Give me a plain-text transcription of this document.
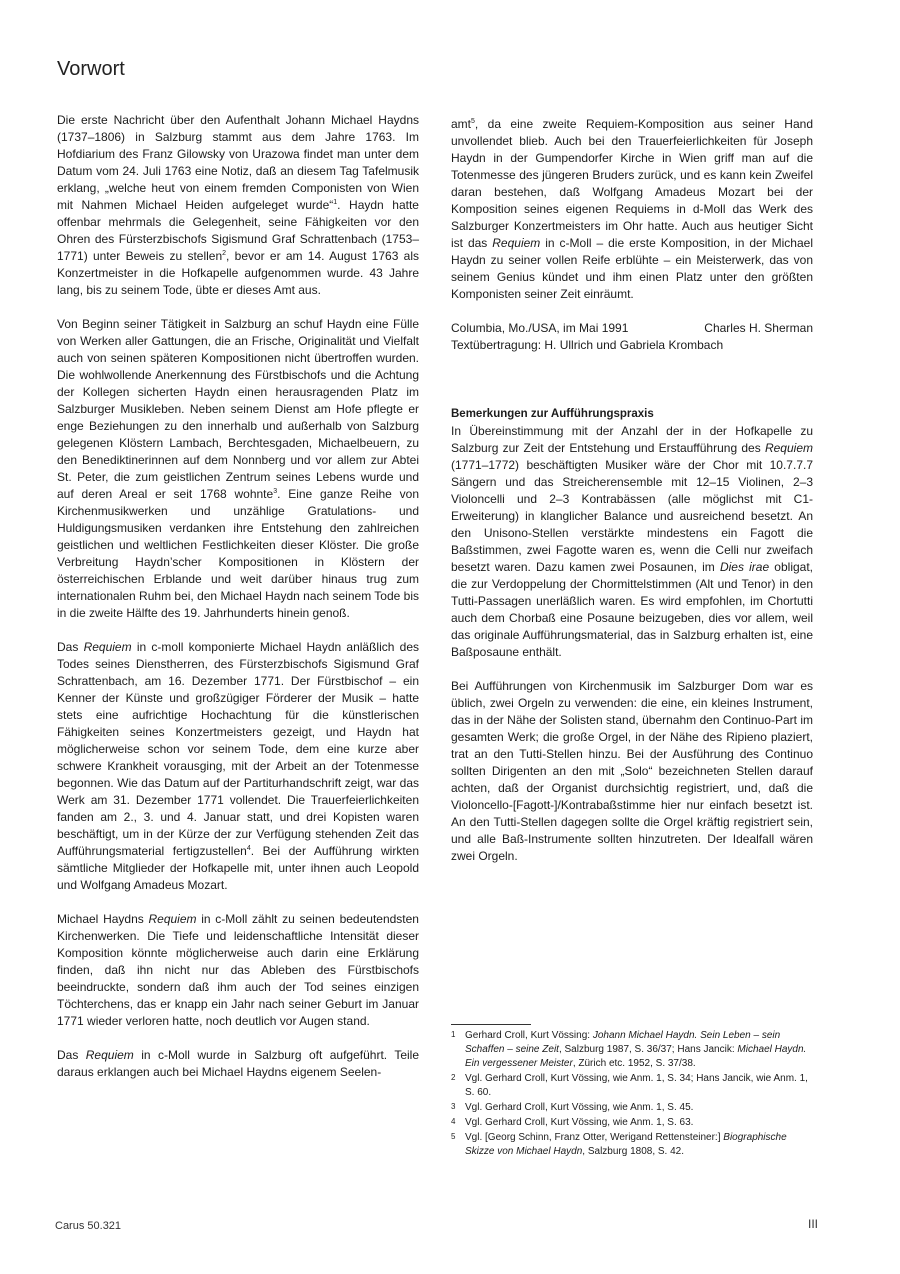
Vorwort

Die erste Nachricht über den Aufenthalt Johann Michael Haydns (1737–1806) in Salzburg stammt aus dem Jahre 1763. Im Hofdiarium des Franz Gilowsky von Urazowa findet man unter dem Datum vom 24. Juli 1763 eine Notiz, daß an diesem Tag Tafelmusik erklang, „welche heut von einem fremden Componisten von Wien mit Nahmen Michael Heiden aufgeleget wurde“$^1$. Haydn hatte offenbar mehrmals die Gelegenheit, seine Fähigkeiten vor den Ohren des Fürsterzbischofs Sigismund Graf Schrattenbach (1753–1771) unter Beweis zu stellen$^2$, bevor er am 14. August 1763 als Konzertmeister in die Hofkapelle aufgenommen wurde. 43 Jahre lang, bis zu seinem Tode, übte er dieses Amt aus.

Von Beginn seiner Tätigkeit in Salzburg an schuf Haydn eine Fülle von Werken aller Gattungen, die an Frische, Originalität und Vielfalt auch von seinen späteren Kompositionen nicht übertroffen wurden. Die wohlwollende Anerkennung des Fürstbischofs und die Achtung der Kollegen sicherten Haydn einen herausragenden Platz im Salzburger Musikleben. Neben seinem Dienst am Hofe pflegte er enge Beziehungen zu den innerhalb und außerhalb von Salzburg gelegenen Klöstern Lambach, Berchtesgaden, Michaelbeuern, zu den Benediktinerinnen auf dem Nonnberg und vor allem zur Abtei St. Peter, die zum geistlichen Zentrum seines Lebens wurde und auf deren Areal er seit 1768 wohnte$^3$. Eine ganze Reihe von Kirchenmusikwerken und unzählige Gratulations- und Huldigungsmusiken verdanken ihre Entstehung den zahlreichen geistlichen und weltlichen Festlichkeiten dieser Klöster. Die große Verbreitung Haydn’scher Kompositionen in Klöstern der österreichischen Erblande und weit darüber hinaus trug zum internationalen Ruhm bei, den Michael Haydn nach seinem Tode bis in die zweite Hälfte des 19. Jahrhunderts hinein genoß.

Das Requiem in c-moll komponierte Michael Haydn anläßlich des Todes seines Dienstherren, des Fürsterzbischofs Sigismund Graf Schrattenbach, am 16. Dezember 1771. Der Fürstbischof – ein Kenner der Künste und großzügiger Förderer der Musik – hatte stets eine aufrichtige Hochachtung für die künstlerischen Fähigkeiten seines Konzertmeisters gezeigt, und Haydn hat möglicherweise schon vor seinem Tode, dem eine kurze aber schwere Krankheit vorausging, mit der Arbeit an der Totenmesse begonnen. Wie das Datum auf der Partiturhandschrift zeigt, war das Werk am 31. Dezember 1771 vollendet. Die Trauerfeierlichkeiten fanden am 2., 3. und 4. Januar statt, und drei Kopisten waren beschäftigt, um in der Kürze der zur Verfügung stehenden Zeit das Aufführungsmaterial fertigzustellen$^4$. Bei der Aufführung wirkten sämtliche Mitglieder der Hofkapelle mit, unter ihnen auch Leopold und Wolfgang Amadeus Mozart.

Michael Haydns Requiem in c-Moll zählt zu seinen bedeutendsten Kirchenwerken. Die Tiefe und leidenschaftliche Intensität dieser Komposition könnte möglicherweise auch darin eine Erklärung finden, daß ihn nicht nur das Ableben des Fürstbischofs beeindruckte, sondern daß ihm auch der Tod seines einzigen Töchterchens, das er knapp ein Jahr nach seiner Geburt im Januar 1771 wieder verloren hatte, noch deutlich vor Augen stand.

Das Requiem in c-Moll wurde in Salzburg oft aufgeführt. Teile daraus erklangen auch bei Michael Haydns eigenem Seelen-

amt$^5$, da eine zweite Requiem-Komposition aus seiner Hand unvollendet blieb. Auch bei den Trauerfeierlichkeiten für Joseph Haydn in der Gumpendorfer Kirche in Wien griff man auf die Totenmesse des jüngeren Bruders zurück, und es kann kein Zweifel daran bestehen, daß Wolfgang Amadeus Mozart bei der Komposition seines eigenen Requiems in d-Moll das Werk des Salzburger Konzertmeisters im Ohr hatte. Auch aus heutiger Sicht ist das Requiem in c-Moll – die erste Komposition, in der Michael Haydn zu seiner vollen Reife erblühte – ein Meisterwerk, das von seinem Genius kündet und ihm einen Platz unter den größten Komponisten seiner Zeit einräumt.

Columbia, Mo./USA, im Mai 1991	Charles H. Sherman
Textübertragung: H. Ullrich und Gabriela Krombach
Bemerkungen zur Aufführungspraxis

In Übereinstimmung mit der Anzahl der in der Hofkapelle zu Salzburg zur Zeit der Entstehung und Erstaufführung des Requiem (1771–1772) beschäftigten Musiker wäre der Chor mit 10.7.7.7 Sängern und das Streicherensemble mit 12–15 Violinen, 2–3 Violoncelli und 2–3 Kontrabässen (alle möglichst mit C1-Erweiterung) in klanglicher Balance und ausreichend besetzt. An den Unisono-Stellen verstärkte mindestens ein Fagott die Baßstimmen, zwei Fagotte waren es, wenn die Celli nur zweifach besetzt waren. Dazu kamen zwei Posaunen, im Dies irae obligat, die zur Verdoppelung der Chormittelstimmen (Alt und Tenor) in den Tutti-Passagen unerläßlich waren. Es wird empfohlen, im Chortutti auch dem Chorbaß eine Posaune beizugeben, dies vor allem, weil das originale Aufführungsmaterial, das in Salzburg erhalten ist, eine Baßposaune enthält.

Bei Aufführungen von Kirchenmusik im Salzburger Dom war es üblich, zwei Orgeln zu verwenden: die eine, ein kleines Instrument, das in der Nähe der Solisten stand, übernahm den Continuo-Part im gesamten Werk; die große Orgel, in der Nähe des Ripieno plaziert, trat an den Tutti-Stellen hinzu. Bei der Ausführung des Continuo sollten Dirigenten an den mit „Solo“ bezeichneten Stellen darauf achten, daß der Organist durchsichtig registriert, und, daß die Violoncello-[Fagott-]/Kontrabaßstimme hier nur einfach besetzt ist. An den Tutti-Stellen dagegen sollte die Orgel kräftig registriert sein, und alle Baß-Instrumente sollten hinzutreten. Der Idealfall wären zwei Orgeln.

1 Gerhard Croll, Kurt Vössing: Johann Michael Haydn. Sein Leben – sein Schaffen – seine Zeit, Salzburg 1987, S. 36/37; Hans Jancik: Michael Haydn. Ein vergessener Meister, Zürich etc. 1952, S. 37/38.
2 Vgl. Gerhard Croll, Kurt Vössing, wie Anm. 1, S. 34; Hans Jancik, wie Anm. 1, S. 60.
3 Vgl. Gerhard Croll, Kurt Vössing, wie Anm. 1, S. 45.
4 Vgl. Gerhard Croll, Kurt Vössing, wie Anm. 1, S. 63.
5 Vgl. [Georg Schinn, Franz Otter, Werigand Rettensteiner:] Biographische Skizze von Michael Haydn, Salzburg 1808, S. 42.
Carus 50.321	III
